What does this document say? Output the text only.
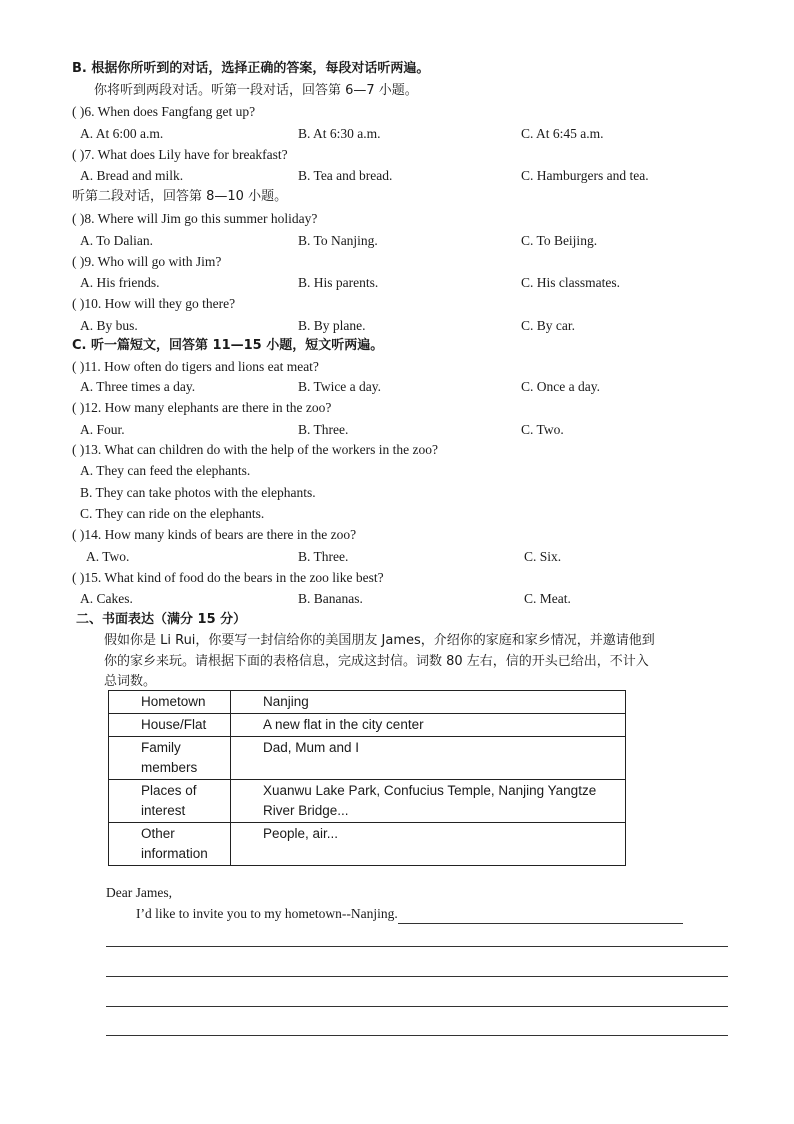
B. 根据你所听到的对话，选择正确的答案，每段对话听两遍。
你将听到两段对话。听第一段对话，回答第 6—7 小题。
( )6. When does Fangfang get up?
A. At 6:00 a.m.	B. At 6:30 a.m.	C. At 6:45 a.m.
( )7. What does Lily have for breakfast?
A. Bread and milk.	B. Tea and bread.	C. Hamburgers and tea.
听第二段对话，回答第 8—10 小题。
( )8. Where will Jim go this summer holiday?
A. To Dalian.	B. To Nanjing.	C. To Beijing.
( )9. Who will go with Jim?
A. His friends.	B. His parents.	C. His classmates.
( )10. How will they go there?
A. By bus.	B. By plane.	C. By car.
C. 听一篇短文，回答第 11—15 小题，短文听两遍。
( )11. How often do tigers and lions eat meat?
A. Three times a day.	B. Twice a day.	C. Once a day.
( )12. How many elephants are there in the zoo?
A. Four.	B. Three.	C. Two.
( )13. What can children do with the help of the workers in the zoo?
A. They can feed the elephants.
B. They can take photos with the elephants.
C. They can ride on the elephants.
( )14. How many kinds of bears are there in the zoo?
A. Two.	B. Three.	C. Six.
( )15. What kind of food do the bears in the zoo like best?
A. Cakes.	B. Bananas.	C. Meat.
二、书面表达（满分 15 分）
假如你是 Li Rui，你要写一封信给你的美国朋友 James，介绍你的家庭和家乡情况，并邀请他到
你的家乡来玩。请根据下面的表格信息，完成这封信。词数 80 左右，信的开头已给出，不计入
总词数。
Hometown	Nanjing
House/Flat	A new flat in the city center
Family members	Dad, Mum and I
Places of interest	Xuanwu Lake Park, Confucius Temple, Nanjing Yangtze River Bridge...
Other information	People, air...
Dear James,
I’d like to invite you to my hometown--Nanjing.
